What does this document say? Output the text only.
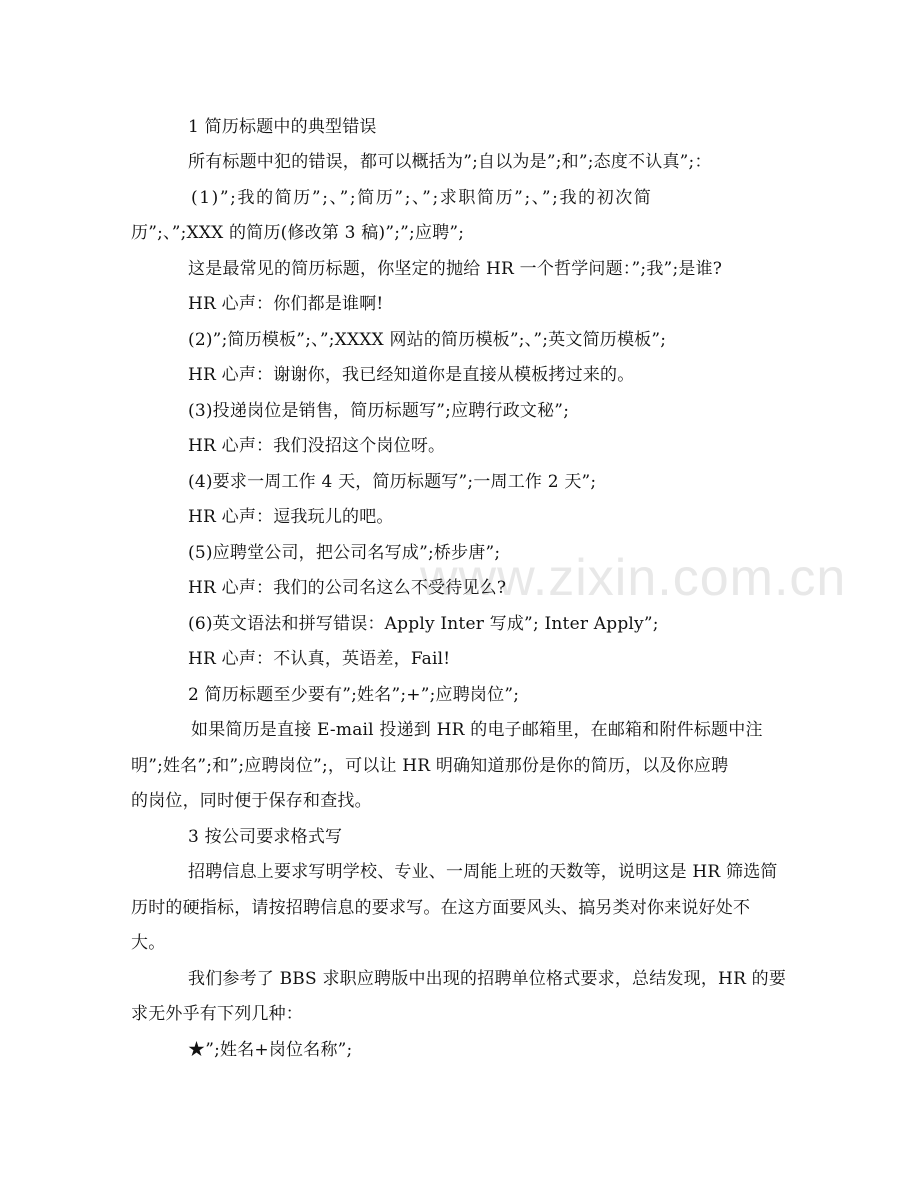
www.zixin.com.cn
1 简历标题中的典型错误
所有标题中犯的错误，都可以概括为”;自以为是”;和”;态度不认真”;：
(1)”;我的简历”;、”;简历”;、”;求职简历”;、”;我的初次简
历”;、”;XXX 的简历(修改第 3 稿)”;”;应聘”;
这是最常见的简历标题，你坚定的抛给 HR 一个哲学问题：”;我”;是谁?
HR 心声：你们都是谁啊!
(2)”;简历模板”;、”;XXXX 网站的简历模板”;、”;英文简历模板”;
HR 心声：谢谢你，我已经知道你是直接从模板拷过来的。
(3)投递岗位是销售，简历标题写”;应聘行政文秘”;
HR 心声：我们没招这个岗位呀。
(4)要求一周工作 4 天，简历标题写”;一周工作 2 天”;
HR 心声：逗我玩儿的吧。
(5)应聘堂公司，把公司名写成”;桥步唐”;
HR 心声：我们的公司名这么不受待见么?
(6)英文语法和拼写错误：Apply Inter 写成”; Inter Apply”;
HR 心声：不认真，英语差，Fail!
2 简历标题至少要有”;姓名”;+”;应聘岗位”;
如果简历是直接 E-mail 投递到 HR 的电子邮箱里，在邮箱和附件标题中注
明”;姓名”;和”;应聘岗位”;，可以让 HR 明确知道那份是你的简历，以及你应聘
的岗位，同时便于保存和查找。
3 按公司要求格式写
招聘信息上要求写明学校、专业、一周能上班的天数等，说明这是 HR 筛选简
历时的硬指标，请按招聘信息的要求写。在这方面要风头、搞另类对你来说好处不
大。
我们参考了 BBS 求职应聘版中出现的招聘单位格式要求，总结发现，HR 的要
求无外乎有下列几种：
★”;姓名+岗位名称”;
